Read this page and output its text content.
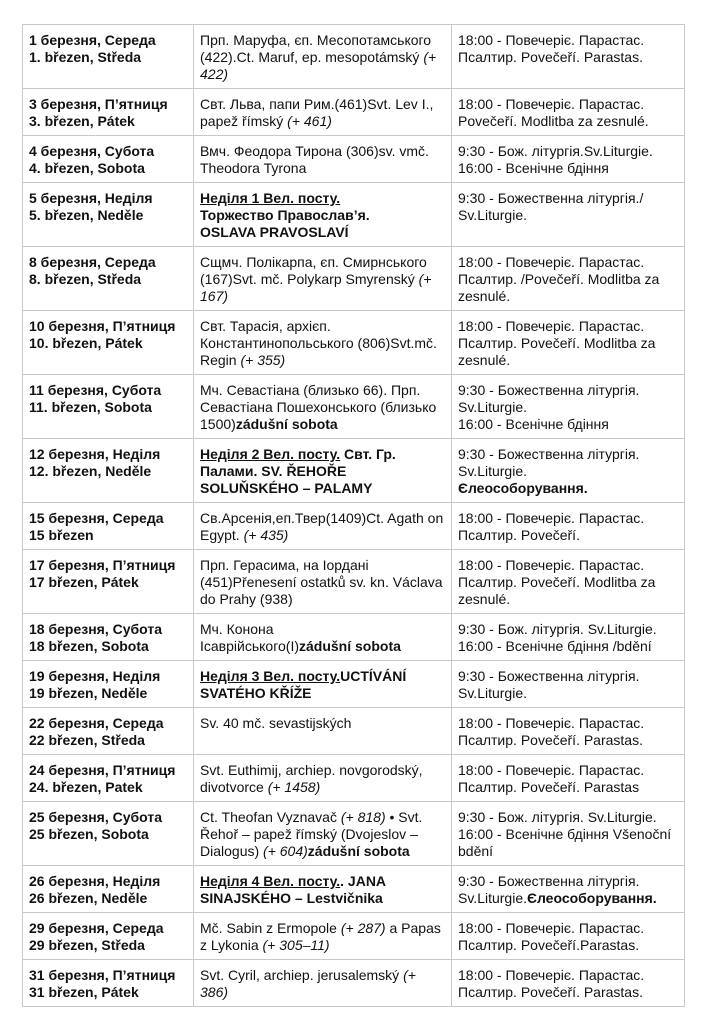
1 березня, Середа
1. březen, Středa	Прп. Маруфа, єп. Месопотамського (422).Ct. Maruf, ep. mesopotámský (+ 422)	18:00 - Повечеріє. Парастас. Псалтир. Povečeří. Parastas.

3 березня, П’ятниця
3. březen, Pátek	Свт. Льва, папи Рим.(461)Svt. Lev I., papež římský (+ 461)	18:00 - Повечеріє. Парастас. Povečeří. Modlitba za zesnulé.

4 березня, Субота
4. březen, Sobota	Вмч. Феодора Тирона (306)sv. vmč. Theodora Tyrona	9:30 - Бож. літургія.Sv.Liturgie.
16:00 - Всенічне бдіння

5 березня, Неділя
5. březen, Neděle	Неділя 1 Вел. посту.
Торжество Православ’я.
OSLAVA PRAVOSLAVÍ	9:30 - Божественна літургія./ Sv.Liturgie.

8 березня, Середа
8. březen, Středa	Сщмч. Полікарпа, єп. Смирнського (167)Svt. mč. Polykarp Smyrenský (+ 167)	18:00 - Повечеріє. Парастас. Псалтир. /Povečeří. Modlitba za zesnulé.

10 березня, П’ятниця
10. březen, Pátek	Свт. Тарасія, архієп. Константинопольського (806)Svt.mč. Regin (+ 355)	18:00 - Повечеріє. Парастас. Псалтир. Povečeří. Modlitba za zesnulé.

11 березня, Субота
11. březen, Sobota	Мч. Севастіана (близько 66). Прп. Севастіана Пошехонського (близько 1500)zádušní sobota	9:30 - Божественна літургія. Sv.Liturgie.
16:00 - Всенічне бдіння

12 березня, Неділя
12. březen, Neděle	Неділя 2 Вел. посту. Свт. Гр. Палами. SV. ŘEHOŘE SOLUŇSKÉHO – PALAMY	9:30 - Божественна літургія. Sv.Liturgie.
Єлеособорування.

15 березня, Середа
15 březen	Св.Арсенія,еп.Твер(1409)Ct. Agath on Egypt. (+ 435)	18:00 - Повечеріє. Парастас. Псалтир. Povečeří.

17 березня, П’ятниця
17 březen, Pátek	Прп. Герасима, на Іордані (451)Přenesení ostatků sv. kn. Václava do Prahy (938)	18:00 - Повечеріє. Парастас. Псалтир. Povečeří. Modlitba za zesnulé.

18 березня, Субота
18 březen, Sobota	Мч. Конона
Ісаврійського(І)zádušní sobota	9:30 - Бож. літургія. Sv.Liturgie.
16:00 - Всенічне бдіння /bdění

19 березня, Неділя
19 březen, Neděle	Неділя 3 Вел. посту.UCTÍVÁNÍ SVATÉHO KŘÍŽE	9:30 - Божественна літургія. Sv.Liturgie.

22 березня, Середа
22 březen, Středa	Sv. 40 mč. sevastijských	18:00 - Повечеріє. Парастас. Псалтир. Povečeří. Parastas.

24 березня, П’ятниця
24. březen, Patek	Svt. Euthimij, archiep. novgorodský, divotvorce (+ 1458)	18:00 - Повечеріє. Парастас. Псалтир. Povečeří. Parastas

25 березня, Субота
25 březen, Sobota	Ct. Theofan Vyznavač (+ 818) • Svt. Řehoř – papež římský (Dvojeslov – Dialogus) (+ 604)zádušní sobota	9:30 - Бож. літургія. Sv.Liturgie.
16:00 - Всенічне бдіння Všenoční bdění

26 березня, Неділя
26 březen, Neděle	Неділя 4 Вел. посту.. JANA SINAJSKÉHO – Lestvičnika	9:30 - Божественна літургія. Sv.Liturgie.Єлеособорування.

29 березня, Середа
29 březen, Středa	Mč. Sabin z Ermopole (+ 287) a Papas z Lykonia (+ 305–11)	18:00 - Повечеріє. Парастас. Псалтир. Povečeří.Parastas.

31 березня, П’ятниця
31 březen, Pátek	Svt. Cyril, archiep. jerusalemský (+ 386)	18:00 - Повечеріє. Парастас. Псалтир. Povečeří. Parastas.
